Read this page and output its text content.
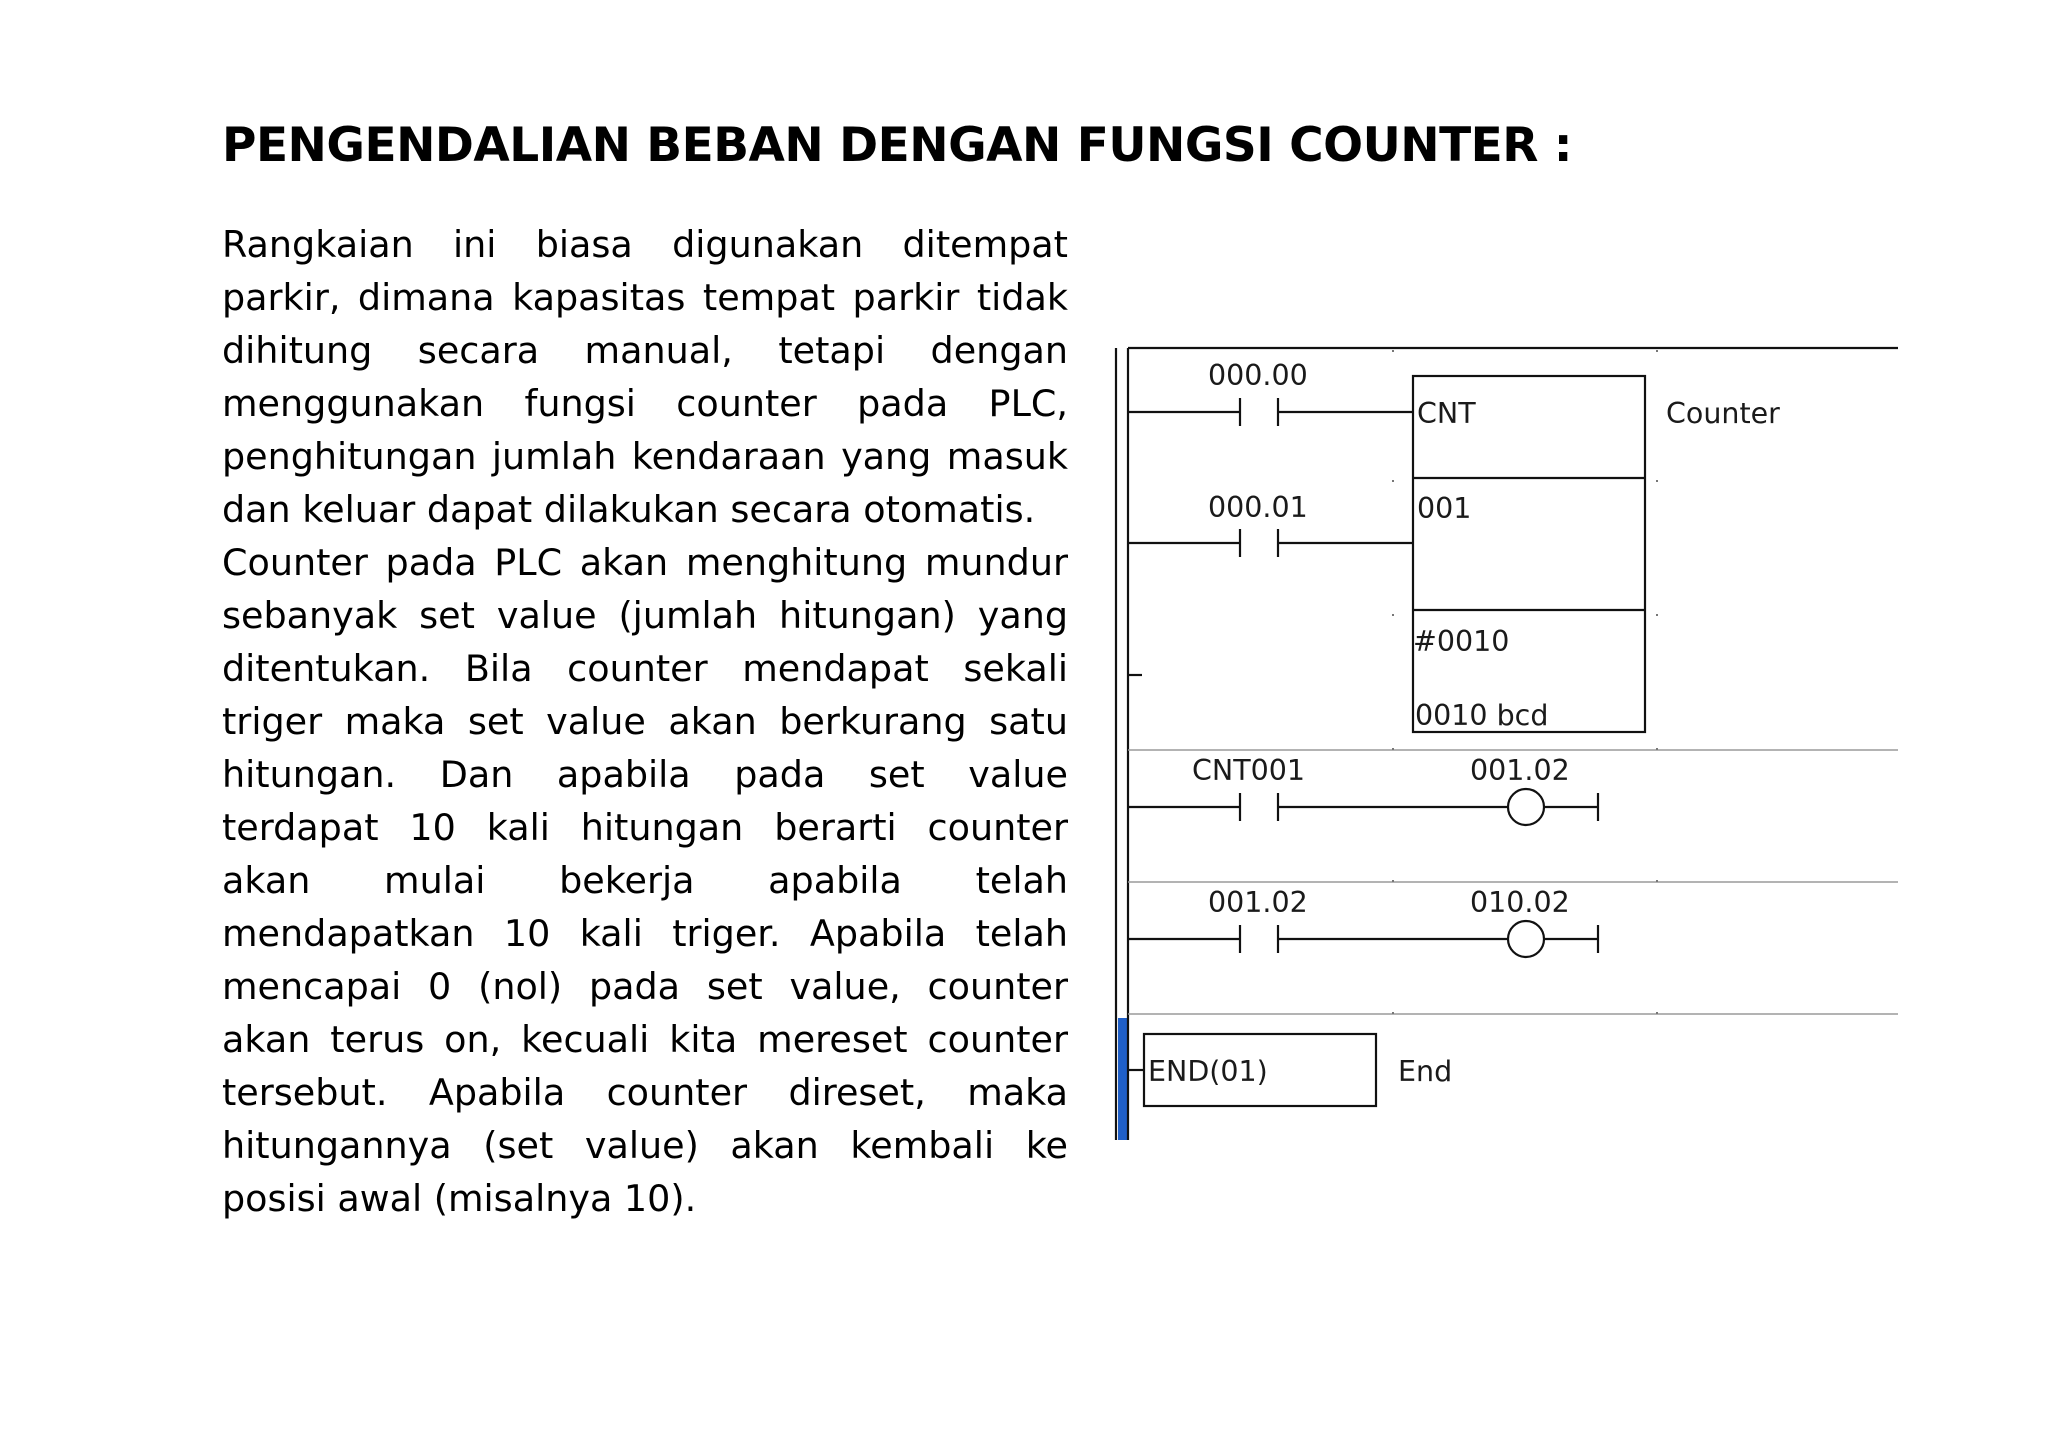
PENGENDALIAN BEBAN DENGAN FUNGSI COUNTER :

Rangkaian ini biasa digunakan ditempat parkir, dimana kapasitas tempat parkir tidak dihitung secara manual, tetapi dengan menggunakan fungsi counter pada PLC, penghitungan jumlah kendaraan yang masuk dan keluar dapat dilakukan secara otomatis.

Counter pada PLC akan menghitung mundur sebanyak set value (jumlah hitungan) yang ditentukan. Bila counter mendapat sekali triger maka set value akan berkurang satu hitungan. Dan apabila pada set value terdapat 10 kali hitungan berarti counter akan mulai bekerja apabila telah mendapatkan 10 kali triger. Apabila telah mencapai 0 (nol) pada set value, counter akan terus on, kecuali kita mereset counter tersebut. Apabila counter direset, maka hitungannya (set value) akan kembali ke posisi awal (misalnya 10).

000.00
CNT
001
#0010
0010 bcd
Counter
000.01
CNT001	001.02
001.02	010.02
END(01)	End
